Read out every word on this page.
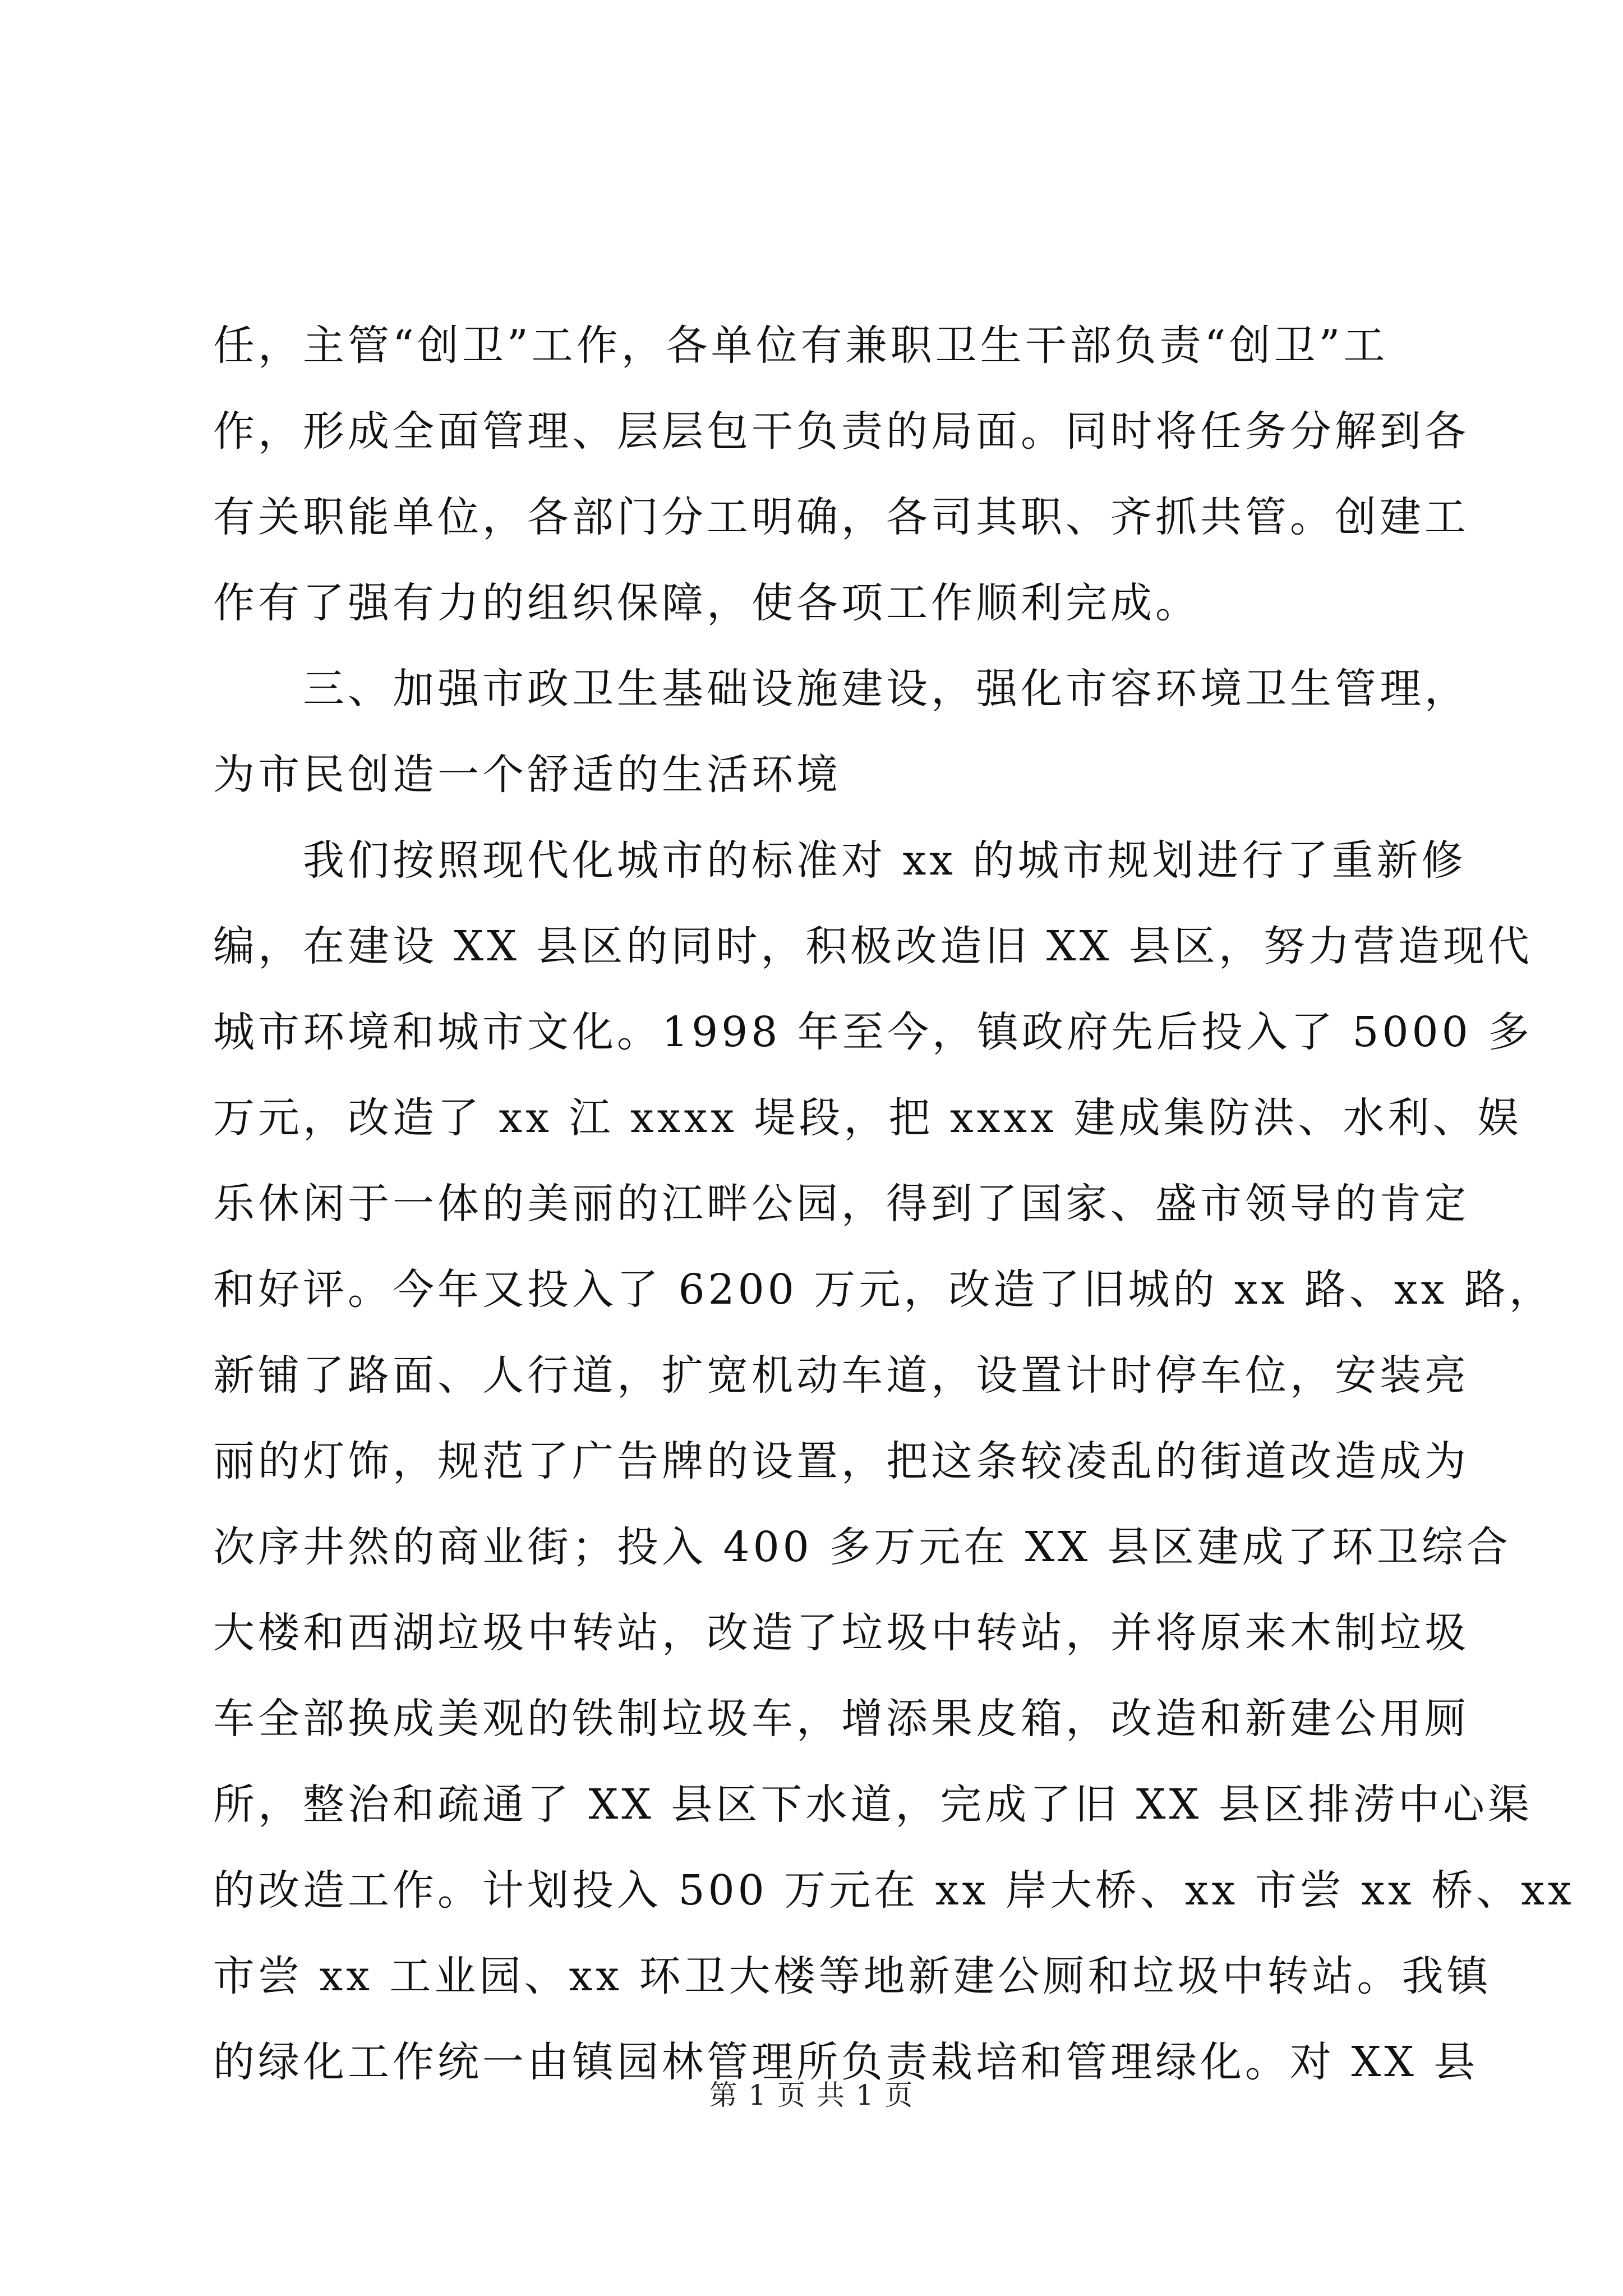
任，主管“创卫”工作，各单位有兼职卫生干部负责“创卫”工
作，形成全面管理、层层包干负责的局面。同时将任务分解到各
有关职能单位，各部门分工明确，各司其职、齐抓共管。创建工
作有了强有力的组织保障，使各项工作顺利完成。
　　三、加强市政卫生基础设施建设，强化市容环境卫生管理，
为市民创造一个舒适的生活环境
　　我们按照现代化城市的标准对 xx 的城市规划进行了重新修
编，在建设 XX 县区的同时，积极改造旧 XX 县区，努力营造现代
城市环境和城市文化。1998 年至今，镇政府先后投入了 5000 多
万元，改造了 xx 江 xxxx 堤段，把 xxxx 建成集防洪、水利、娱
乐休闲于一体的美丽的江畔公园，得到了国家、盛市领导的肯定
和好评。今年又投入了 6200 万元，改造了旧城的 xx 路、xx 路，
新铺了路面、人行道，扩宽机动车道，设置计时停车位，安装亮
丽的灯饰，规范了广告牌的设置，把这条较凌乱的街道改造成为
次序井然的商业街；投入 400 多万元在 XX 县区建成了环卫综合
大楼和西湖垃圾中转站，改造了垃圾中转站，并将原来木制垃圾
车全部换成美观的铁制垃圾车，增添果皮箱，改造和新建公用厕
所，整治和疏通了 XX 县区下水道，完成了旧 XX 县区排涝中心渠
的改造工作。计划投入 500 万元在 xx 岸大桥、xx 市尝 xx 桥、xx
市尝 xx 工业园、xx 环卫大楼等地新建公厕和垃圾中转站。我镇
的绿化工作统一由镇园林管理所负责栽培和管理绿化。对 XX 县
第 1 页 共 1 页
